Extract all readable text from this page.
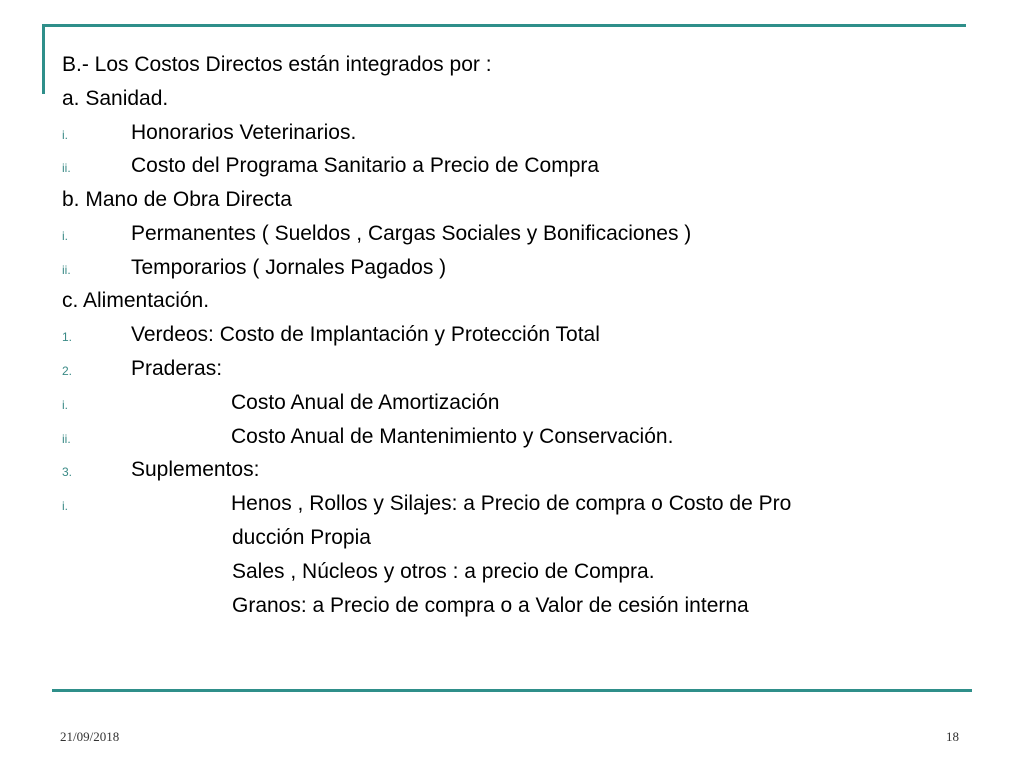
B.- Los Costos Directos están integrados por :
a. Sanidad.
i.	Honorarios Veterinarios.
ii.	Costo del Programa Sanitario a Precio de Compra
b. Mano de Obra Directa
i.	Permanentes ( Sueldos , Cargas Sociales y Bonificaciones )
ii.	Temporarios ( Jornales Pagados )
c. Alimentación.
1.	Verdeos: Costo de Implantación y Protección Total
2.	Praderas:
i.	Costo Anual de Amortización
ii.	Costo Anual de Mantenimiento y Conservación.
3.	Suplementos:
i.	Henos , Rollos y Silajes: a Precio de compra o Costo de Pro
ducción Propia
Sales , Núcleos y otros : a precio de Compra.
Granos: a Precio de compra o a Valor de cesión interna
21/09/2018	18
